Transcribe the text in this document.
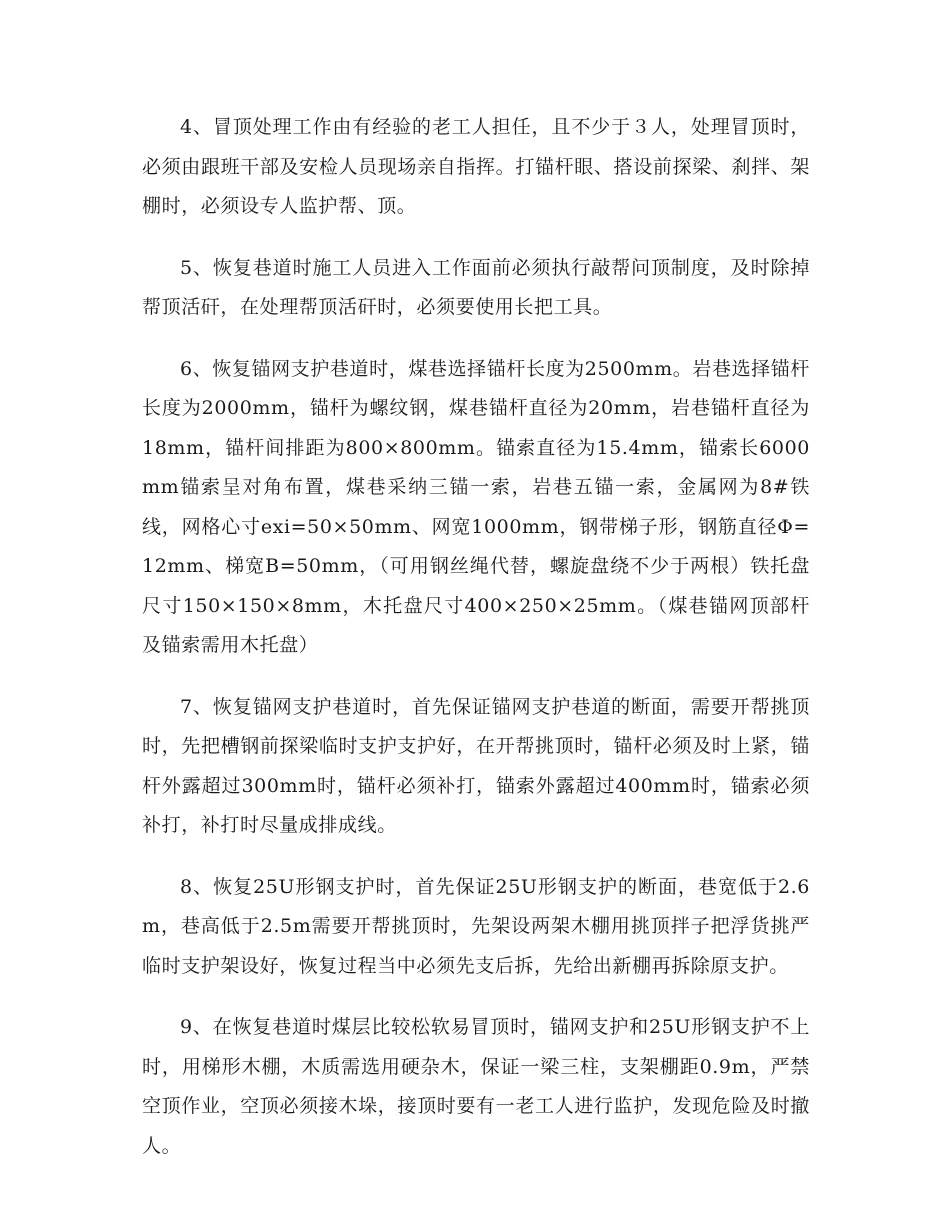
4、冒顶处理工作由有经验的老工人担任，且不少于３人，处理冒顶时，必须由跟班干部及安检人员现场亲自指挥。打锚杆眼、搭设前探梁、刹拌、架棚时，必须设专人监护帮、顶。

5、恢复巷道时施工人员进入工作面前必须执行敲帮问顶制度，及时除掉帮顶活矸，在处理帮顶活矸时，必须要使用长把工具。

6、恢复锚网支护巷道时，煤巷选择锚杆长度为2500mm。岩巷选择锚杆长度为2000mm，锚杆为螺纹钢，煤巷锚杆直径为20mm，岩巷锚杆直径为18mm，锚杆间排距为800×800mm。锚索直径为15.4mm，锚索长6000mm锚索呈对角布置，煤巷采纳三锚一索，岩巷五锚一索，金属网为8#铁线，网格心寸exi=50×50mm、网宽1000mm，钢带梯子形，钢筋直径Φ=12mm、梯宽B=50mm，（可用钢丝绳代替，螺旋盘绕不少于两根）铁托盘尺寸150×150×8mm，木托盘尺寸400×250×25mm。（煤巷锚网顶部杆及锚索需用木托盘）

7、恢复锚网支护巷道时，首先保证锚网支护巷道的断面，需要开帮挑顶时，先把槽钢前探梁临时支护支护好，在开帮挑顶时，锚杆必须及时上紧，锚杆外露超过300mm时，锚杆必须补打，锚索外露超过400mm时，锚索必须补打，补打时尽量成排成线。

8、恢复25U形钢支护时，首先保证25U形钢支护的断面，巷宽低于2.6m，巷高低于2.5m需要开帮挑顶时，先架设两架木棚用挑顶拌子把浮货挑严临时支护架设好，恢复过程当中必须先支后拆，先给出新棚再拆除原支护。

9、在恢复巷道时煤层比较松软易冒顶时，锚网支护和25U形钢支护不上时，用梯形木棚，木质需选用硬杂木，保证一梁三柱，支架棚距0.9m，严禁空顶作业，空顶必须接木垛，接顶时要有一老工人进行监护，发现危险及时撤人。
